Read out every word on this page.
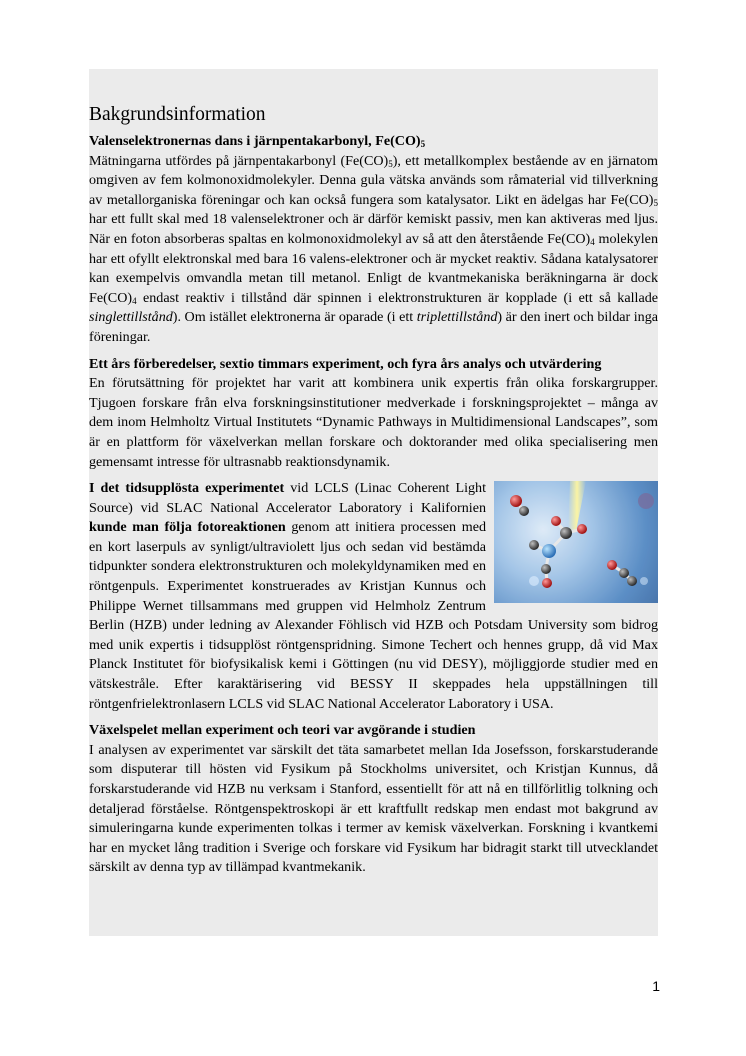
Bakgrundsinformation
Valenselektronernas dans i järnpentakarbonyl, $Fe(CO)_5$

Mätningarna utfördes på järnpentakarbonyl $(Fe(CO)_5)$, ett metallkomplex bestående av en järnatom omgiven av fem kolmonoxidmolekyler. Denna gula vätska används som råmaterial vid tillverkning av metallorganiska föreningar och kan också fungera som katalysator. Likt en ädelgas har $Fe(CO)_5$ har ett fullt skal med 18 valenselektroner och är därför kemiskt passiv, men kan aktiveras med ljus. När en foton absorberas spaltas en kolmonoxidmolekyl av så att den återstående $Fe(CO)_4$ molekylen har ett ofyllt elektronskal med bara 16 valens-elektroner och är mycket reaktiv. Sådana katalysatorer kan exempelvis omvandla metan till metanol. Enligt de kvantmekaniska beräkningarna är dock $Fe(CO)_4$ endast reaktiv i tillstånd där spinnen i elektronstrukturen är kopplade (i ett så kallade singlettillstånd). Om istället elektronerna är oparade (i ett triplettillstånd) är den inert och bildar inga föreningar.

Ett års förberedelser, sextio timmars experiment, och fyra års analys och utvärdering

En förutsättning för projektet har varit att kombinera unik expertis från olika forskargrupper. Tjugoen forskare från elva forskningsinstitutioner medverkade i forskningsprojektet – många av dem inom Helmholtz Virtual Institutets “Dynamic Pathways in Multidimensional Landscapes”, som är en plattform för växelverkan mellan forskare och doktorander med olika specialisering men gemensamt intresse för ultrasnabb reaktionsdynamik.

I det tidsupplösta experimentet vid LCLS (Linac Coherent Light Source) vid SLAC National Accelerator Laboratory i Kalifornien kunde man följa fotoreaktionen genom att initiera processen med en kort laserpuls av synligt/ultraviolett ljus och sedan vid bestämda tidpunkter sondera elektronstrukturen och molekyldynamiken med en röntgenpuls. Experimentet konstruerades av Kristjan Kunnus och Philippe Wernet tillsammans med gruppen vid Helmholz Zentrum Berlin (HZB) under ledning av Alexander Föhlisch vid HZB och Potsdam University som bidrog med unik expertis i tidsupplöst röntgenspridning. Simone Techert och hennes grupp, då vid Max Planck Institutet för biofysikalisk kemi i Göttingen (nu vid DESY), möjliggjorde studier med en vätskestråle. Efter karaktärisering vid BESSY II skeppades hela uppställningen till röntgenfrielektronlasern LCLS vid SLAC National Accelerator Laboratory i USA.

Växelspelet mellan experiment och teori var avgörande i studien

I analysen av experimentet var särskilt det täta samarbetet mellan Ida Josefsson, forskarstuderande som disputerar till hösten vid Fysikum på Stockholms universitet, och Kristjan Kunnus, då forskarstuderande vid HZB nu verksam i Stanford, essentiellt för att nå en tillförlitlig tolkning och detaljerad förståelse. Röntgenspektroskopi är ett kraftfullt redskap men endast mot bakgrund av simuleringarna kunde experimenten tolkas i termer av kemisk växelverkan. Forskning i kvantkemi har en mycket lång tradition i Sverige och forskare vid Fysikum har bidragit starkt till utvecklandet särskilt av denna typ av tillämpad kvantmekanik.

1
